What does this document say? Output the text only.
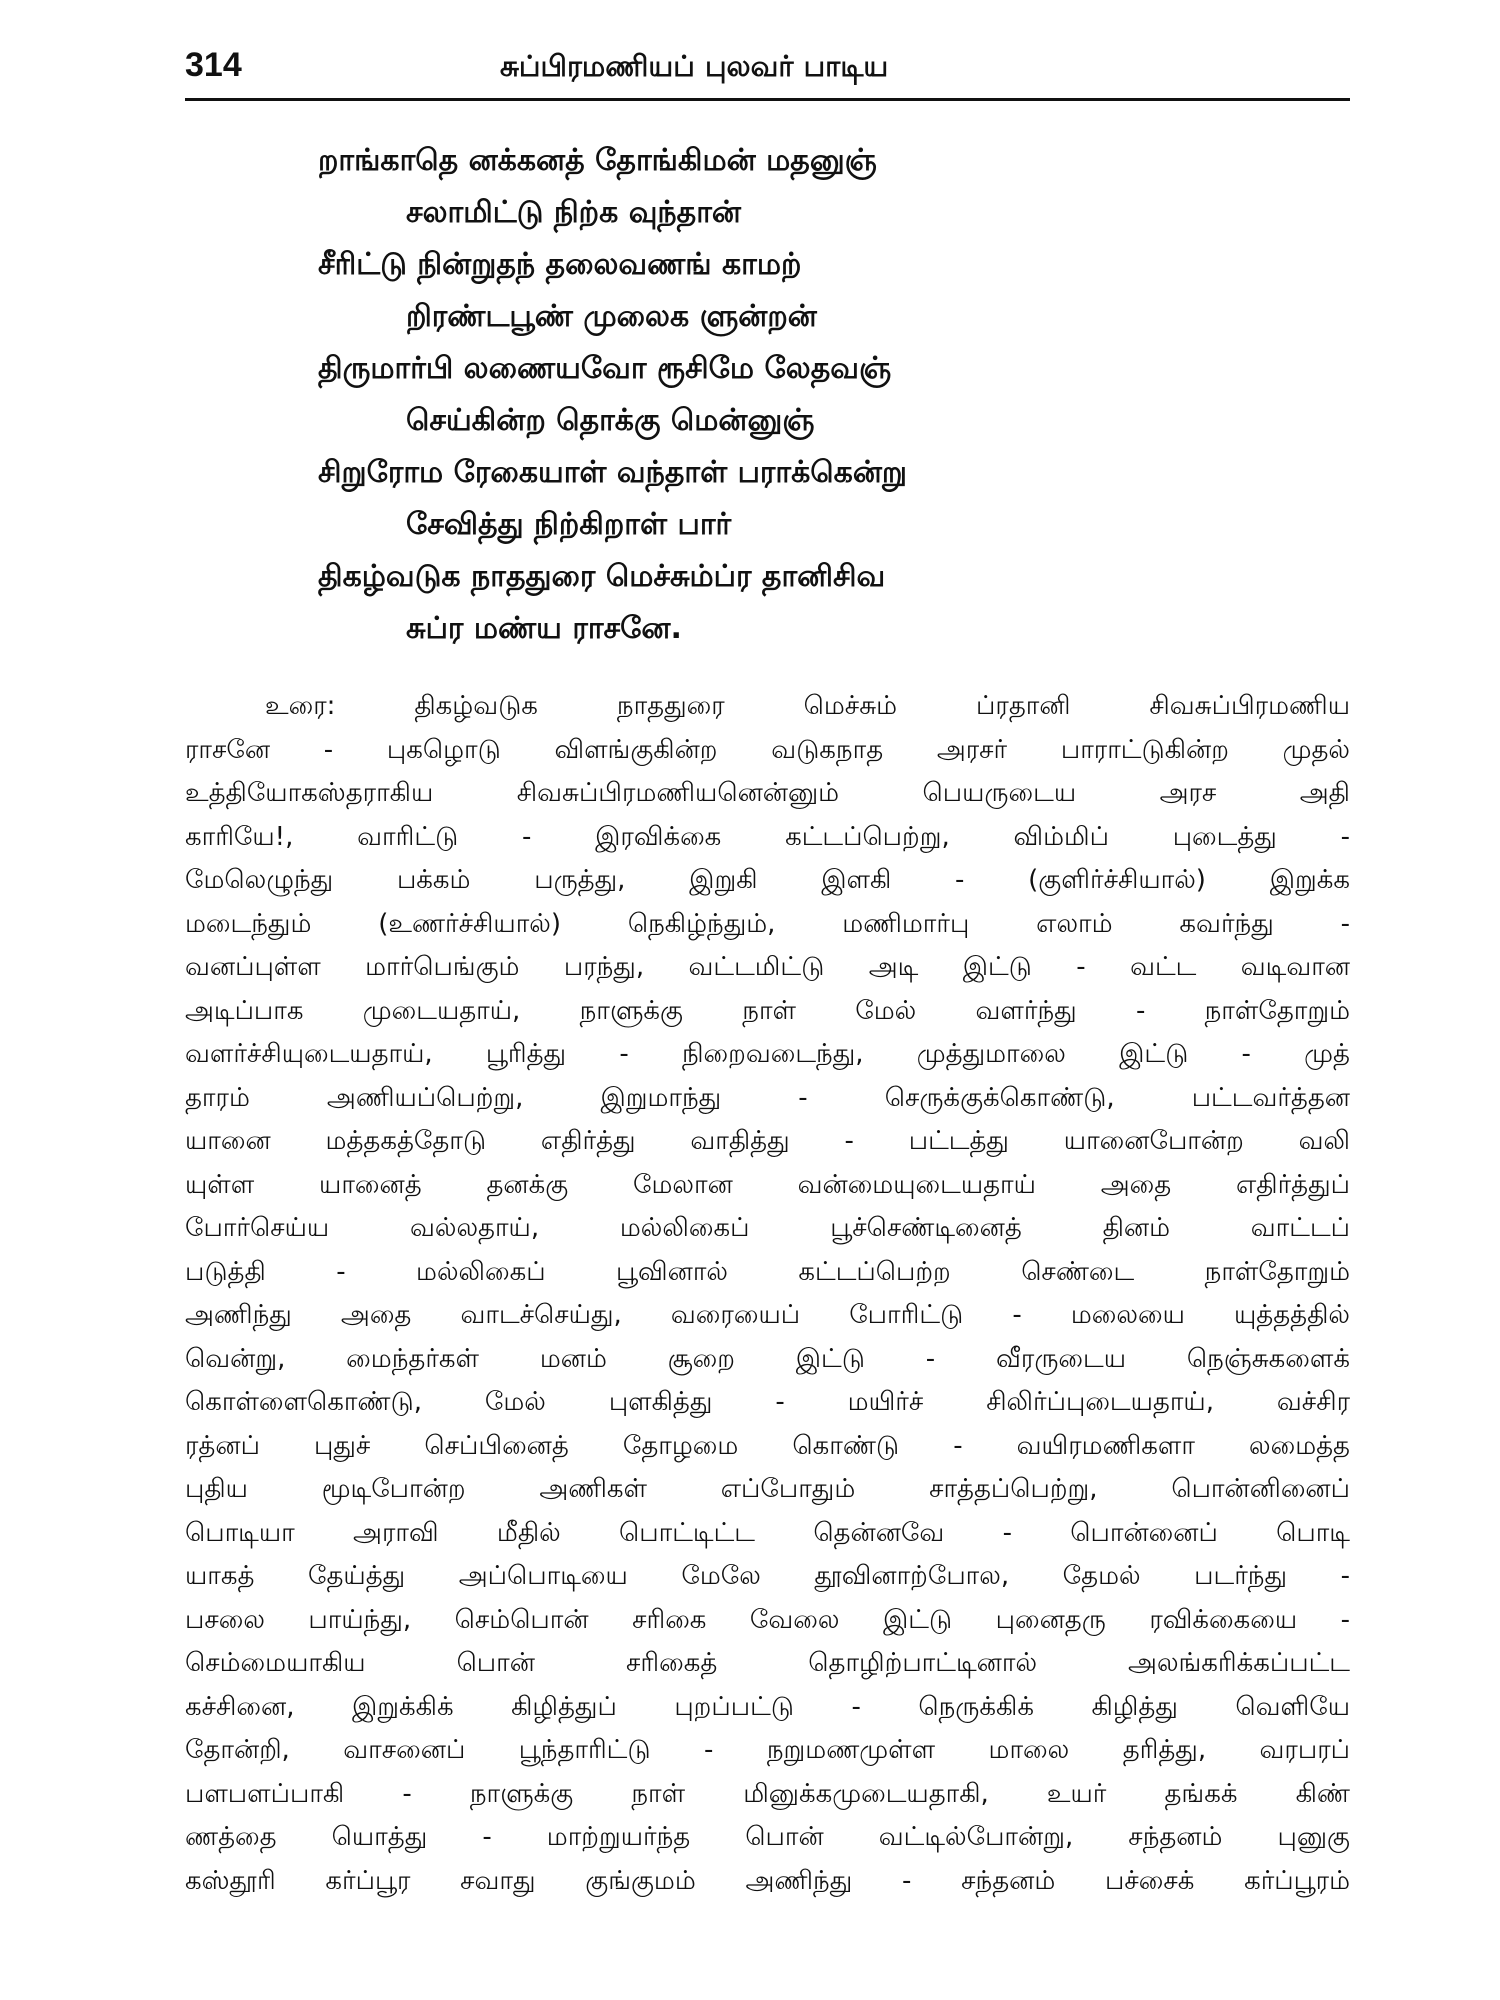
314	சுப்பிரமணியப் புலவர் பாடிய
றாங்காதெ னக்கனத் தோங்கிமன் மதனுஞ்
சலாமிட்டு நிற்க வுந்தான்
சீரிட்டு நின்றுதந் தலைவணங் காமற்
றிரண்டபூண் முலைக ளுன்றன்
திருமார்பி லணையவோ ரூசிமே லேதவஞ்
செய்கின்ற தொக்கு மென்னுஞ்
சிறுரோம ரேகையாள் வந்தாள் பராக்கென்று
சேவித்து நிற்கிறாள் பார்
திகழ்வடுக நாததுரை மெச்சும்ப்ர தானிசிவ
சுப்ர மண்ய ராசனே.
உரை: திகழ்வடுக நாததுரை மெச்சும் ப்ரதானி சிவசுப்பிரமணிய
ராசனே - புகழொடு விளங்குகின்ற வடுகநாத அரசர் பாராட்டுகின்ற முதல்
உத்தியோகஸ்தராகிய சிவசுப்பிரமணியனென்னும் பெயருடைய அரச அதி
காரியே!, வாரிட்டு - இரவிக்கை கட்டப்பெற்று, விம்மிப் புடைத்து -
மேலெழுந்து பக்கம் பருத்து, இறுகி இளகி - (குளிர்ச்சியால்) இறுக்க
மடைந்தும் (உணர்ச்சியால்) நெகிழ்ந்தும், மணிமார்பு எலாம் கவர்ந்து -
வனப்புள்ள மார்பெங்கும் பரந்து, வட்டமிட்டு அடி இட்டு - வட்ட வடிவான
அடிப்பாக முடையதாய், நாளுக்கு நாள் மேல் வளர்ந்து - நாள்தோறும்
வளர்ச்சியுடையதாய், பூரித்து - நிறைவடைந்து, முத்துமாலை இட்டு - முத்
தாரம் அணியப்பெற்று, இறுமாந்து - செருக்குக்கொண்டு, பட்டவர்த்தன
யானை மத்தகத்தோடு எதிர்த்து வாதித்து - பட்டத்து யானைபோன்ற வலி
யுள்ள யானைத் தனக்கு மேலான வன்மையுடையதாய் அதை எதிர்த்துப்
போர்செய்ய வல்லதாய், மல்லிகைப் பூச்செண்டினைத் தினம் வாட்டப்
படுத்தி - மல்லிகைப் பூவினால் கட்டப்பெற்ற செண்டை நாள்தோறும்
அணிந்து அதை வாடச்செய்து, வரையைப் போரிட்டு - மலையை யுத்தத்தில்
வென்று, மைந்தர்கள் மனம் சூறை இட்டு - வீரருடைய நெஞ்சுகளைக்
கொள்ளைகொண்டு, மேல் புளகித்து - மயிர்ச் சிலிர்ப்புடையதாய், வச்சிர
ரத்னப் புதுச் செப்பினைத் தோழமை கொண்டு - வயிரமணிகளா லமைத்த
புதிய மூடிபோன்ற அணிகள் எப்போதும் சாத்தப்பெற்று, பொன்னினைப்
பொடியா அராவி மீதில் பொட்டிட்ட தென்னவே - பொன்னைப் பொடி
யாகத் தேய்த்து அப்பொடியை மேலே தூவினாற்போல, தேமல் படர்ந்து -
பசலை பாய்ந்து, செம்பொன் சரிகை வேலை இட்டு புனைதரு ரவிக்கையை -
செம்மையாகிய பொன் சரிகைத் தொழிற்பாட்டினால் அலங்கரிக்கப்பட்ட
கச்சினை, இறுக்கிக் கிழித்துப் புறப்பட்டு - நெருக்கிக் கிழித்து வெளியே
தோன்றி, வாசனைப் பூந்தாரிட்டு - நறுமணமுள்ள மாலை தரித்து, வரபரப்
பளபளப்பாகி - நாளுக்கு நாள் மினுக்கமுடையதாகி, உயர் தங்கக் கிண்
ணத்தை யொத்து - மாற்றுயர்ந்த பொன் வட்டில்போன்று, சந்தனம் புனுகு
கஸ்தூரி கர்ப்பூர சவாது குங்குமம் அணிந்து - சந்தனம் பச்சைக் கர்ப்பூரம்
